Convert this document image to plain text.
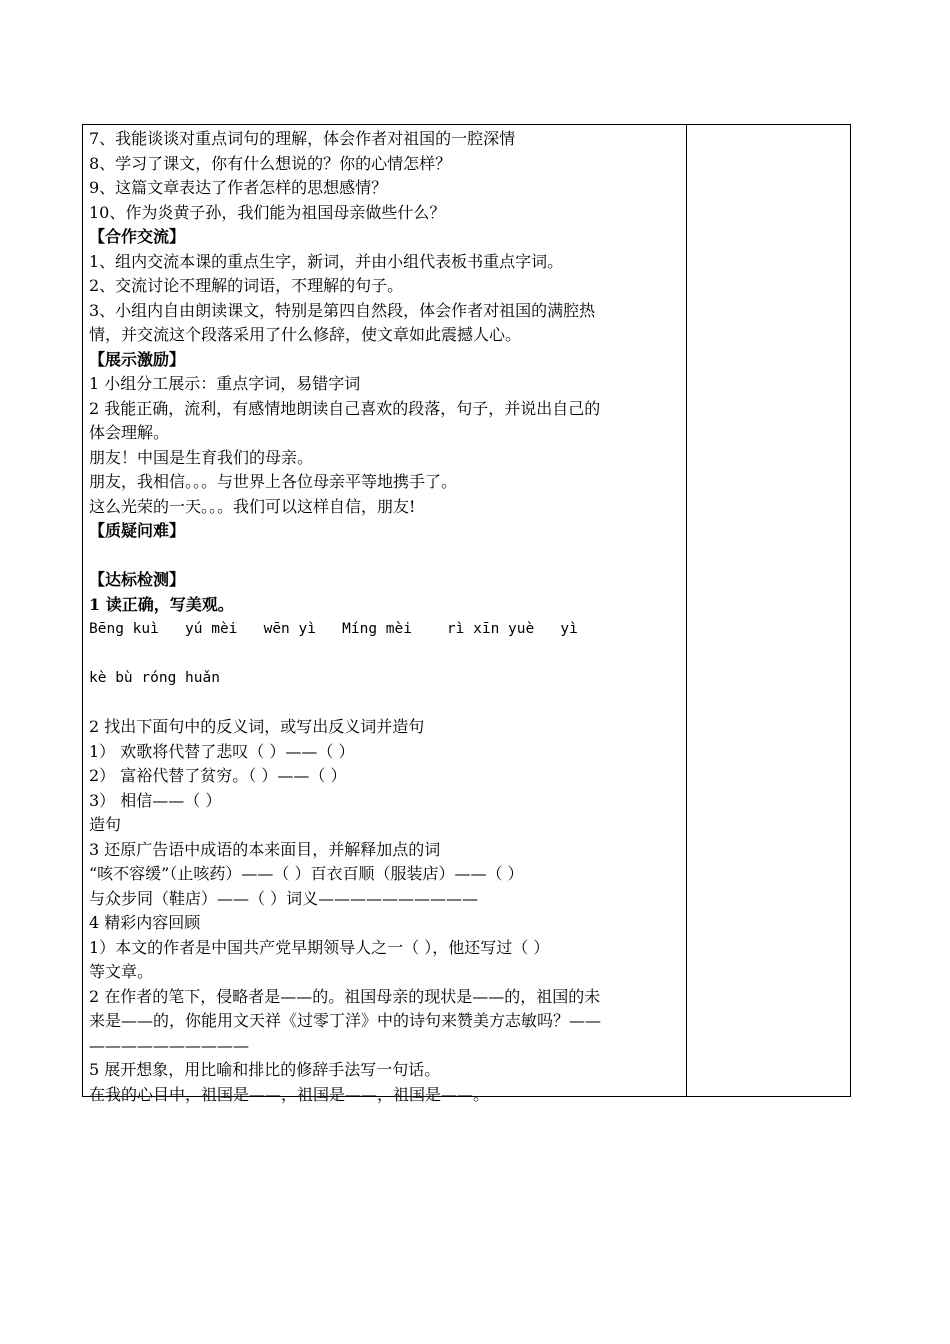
7、我能谈谈对重点词句的理解，体会作者对祖国的一腔深情
8、学习了课文，你有什么想说的？你的心情怎样？
9、这篇文章表达了作者怎样的思想感情？
10、作为炎黄子孙，我们能为祖国母亲做些什么？
【合作交流】
1、组内交流本课的重点生字，新词，并由小组代表板书重点字词。
2、交流讨论不理解的词语，不理解的句子。
3、小组内自由朗读课文，特别是第四自然段，体会作者对祖国的满腔热
情，并交流这个段落采用了什么修辞，使文章如此震撼人心。
【展示激励】
1 小组分工展示：重点字词，易错字词
2 我能正确，流利，有感情地朗读自己喜欢的段落，句子，并说出自己的
体会理解。
朋友！中国是生育我们的母亲。
朋友，我相信。。。与世界上各位母亲平等地携手了。
这么光荣的一天。。。我们可以这样自信，朋友!
【质疑问难】
【达标检测】
1 读正确，写美观。
Bēng kuì   yú mèi   wēn yì   Míng mèi    rì xīn yuè   yì
kè bù róng huǎn
2 找出下面句中的反义词，或写出反义词并造句
1） 欢歌将代替了悲叹（ ）——（ ）
2） 富裕代替了贫穷。（ ）——（ ）
3） 相信——（ ）
造句
3 还原广告语中成语的本来面目，并解释加点的词
“咳不容缓”（止咳药）——（ ）百衣百顺（服装店）——（ ）
与众步同（鞋店）——（ ）词义——————————
4 精彩内容回顾
1）本文的作者是中国共产党早期领导人之一（ ），他还写过（ ）
等文章。
2 在作者的笔下，侵略者是——的。祖国母亲的现状是——的，祖国的未
来是——的，你能用文天祥《过零丁洋》中的诗句来赞美方志敏吗？——
——————————
5 展开想象，用比喻和排比的修辞手法写一句话。
在我的心目中，祖国是——，祖国是——，祖国是——。
